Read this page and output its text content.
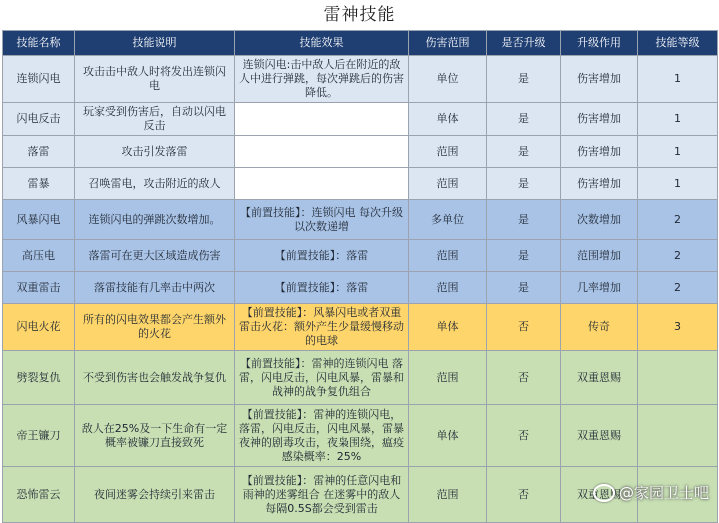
雷神技能
技能名称	技能说明	技能效果	伤害范围	是否升级	升级作用	技能等级
连锁闪电	攻击击中敌人时将发出连锁闪电	连锁闪电:击中敌人后在附近的敌人中进行弹跳，每次弹跳后的伤害降低。	单位	是	伤害增加	1
闪电反击	玩家受到伤害后，自动以闪电反击		单体	是	伤害增加	1
落雷	攻击引发落雷		范围	是	伤害增加	1
雷暴	召唤雷电，攻击附近的敌人		范围	是	伤害增加	1
风暴闪电	连锁闪电的弹跳次数增加。	【前置技能】：连锁闪电 每次升级以次数递增	多单位	是	次数增加	2
高压电	落雷可在更大区域造成伤害	【前置技能】：落雷	范围	是	范围增加	2
双重雷击	落雷技能有几率击中两次	【前置技能】：落雷	范围	是	几率增加	2
闪电火花	所有的闪电效果都会产生额外的火花	【前置技能】：风暴闪电或者双重雷击火花：额外产生少量缓慢移动的电球	单体	否	传奇	3
劈裂复仇	不受到伤害也会触发战争复仇	【前置技能】：雷神的连锁闪电 落雷，闪电反击，闪电风暴，雷暴和战神的战争复仇组合	范围	否	双重恩赐	
帝王镰刀	敌人在25%及一下生命有一定概率被镰刀直接致死	【前置技能】：雷神的连锁闪电，落雷，闪电反击，闪电风暴，雷暴夜神的剧毒攻击，夜枭围绕，瘟疫感染概率：25%	单体	否	双重恩赐	
恐怖雷云	夜间迷雾会持续引来雷击	【前置技能】：雷神的任意闪电和雨神的迷雾组合 在迷雾中的敌人每隔0.5S都会受到雷击	范围	否	双重恩赐	
@家园卫士吧
